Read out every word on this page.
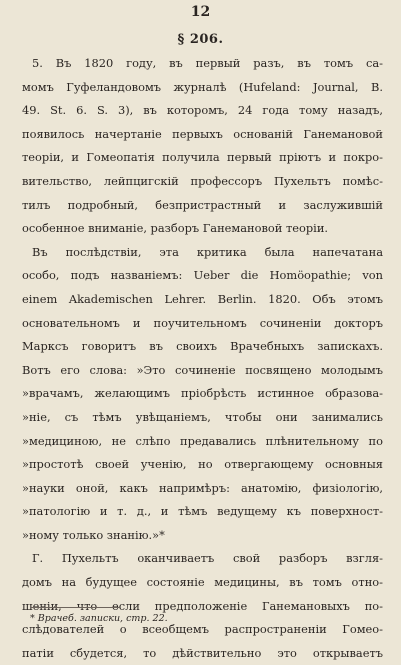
12
§ 206.
5. Въ 1820 году, въ первый разъ, въ томъ са-
момъ Гуфеландовомъ журналѣ (Hufeland: Journal, B.
49. St. 6. S. 3), въ которомъ, 24 года тому назадъ,
появилось начертаніе первыхъ основаній Ганемановой
теоріи, и Гомеопатія получила первый пріютъ и покро-
вительство, лейпцигскій профессоръ Пухельтъ помѣс-
тилъ подробный, безпристрастный и заслужившій
особенное вниманіе, разборъ Ганемановой теоріи.
Въ послѣдствіи, эта критика была напечатана
особо, подъ названіемъ: Ueber die Homöopathie; von
einem Akademischen Lehrer. Berlin. 1820. Объ этомъ
основательномъ и поучительномъ сочиненіи докторъ
Марксъ говоритъ въ своихъ Врачебныхъ запискахъ.
Вотъ его слова: »Это сочиненіе посвящено молодымъ
»врачамъ, желающимъ пріобрѣсть истинное образова-
»ніе, съ тѣмъ увѣщаніемъ, чтобы они занимались
»медициною, не слѣпо предавались плѣнительному по
»простотѣ своей ученію, но отвергающему основныя
»науки оной, какъ напримѣръ: анатомію, физіологію,
»патологію и т. д., и тѣмъ ведущему къ поверхност-
»ному только знанію.»*
Г. Пухельтъ оканчиваетъ свой разборъ взгля-
домъ на будущее состояніе медицины, въ томъ отно-
шеніи, что если предположеніе Ганемановыхъ по-
слѣдователей о всеобщемъ распространеніи Гомео-
патіи сбудется, то дѣйствительно это открываетъ
* Врачеб. записки, стр. 22.
